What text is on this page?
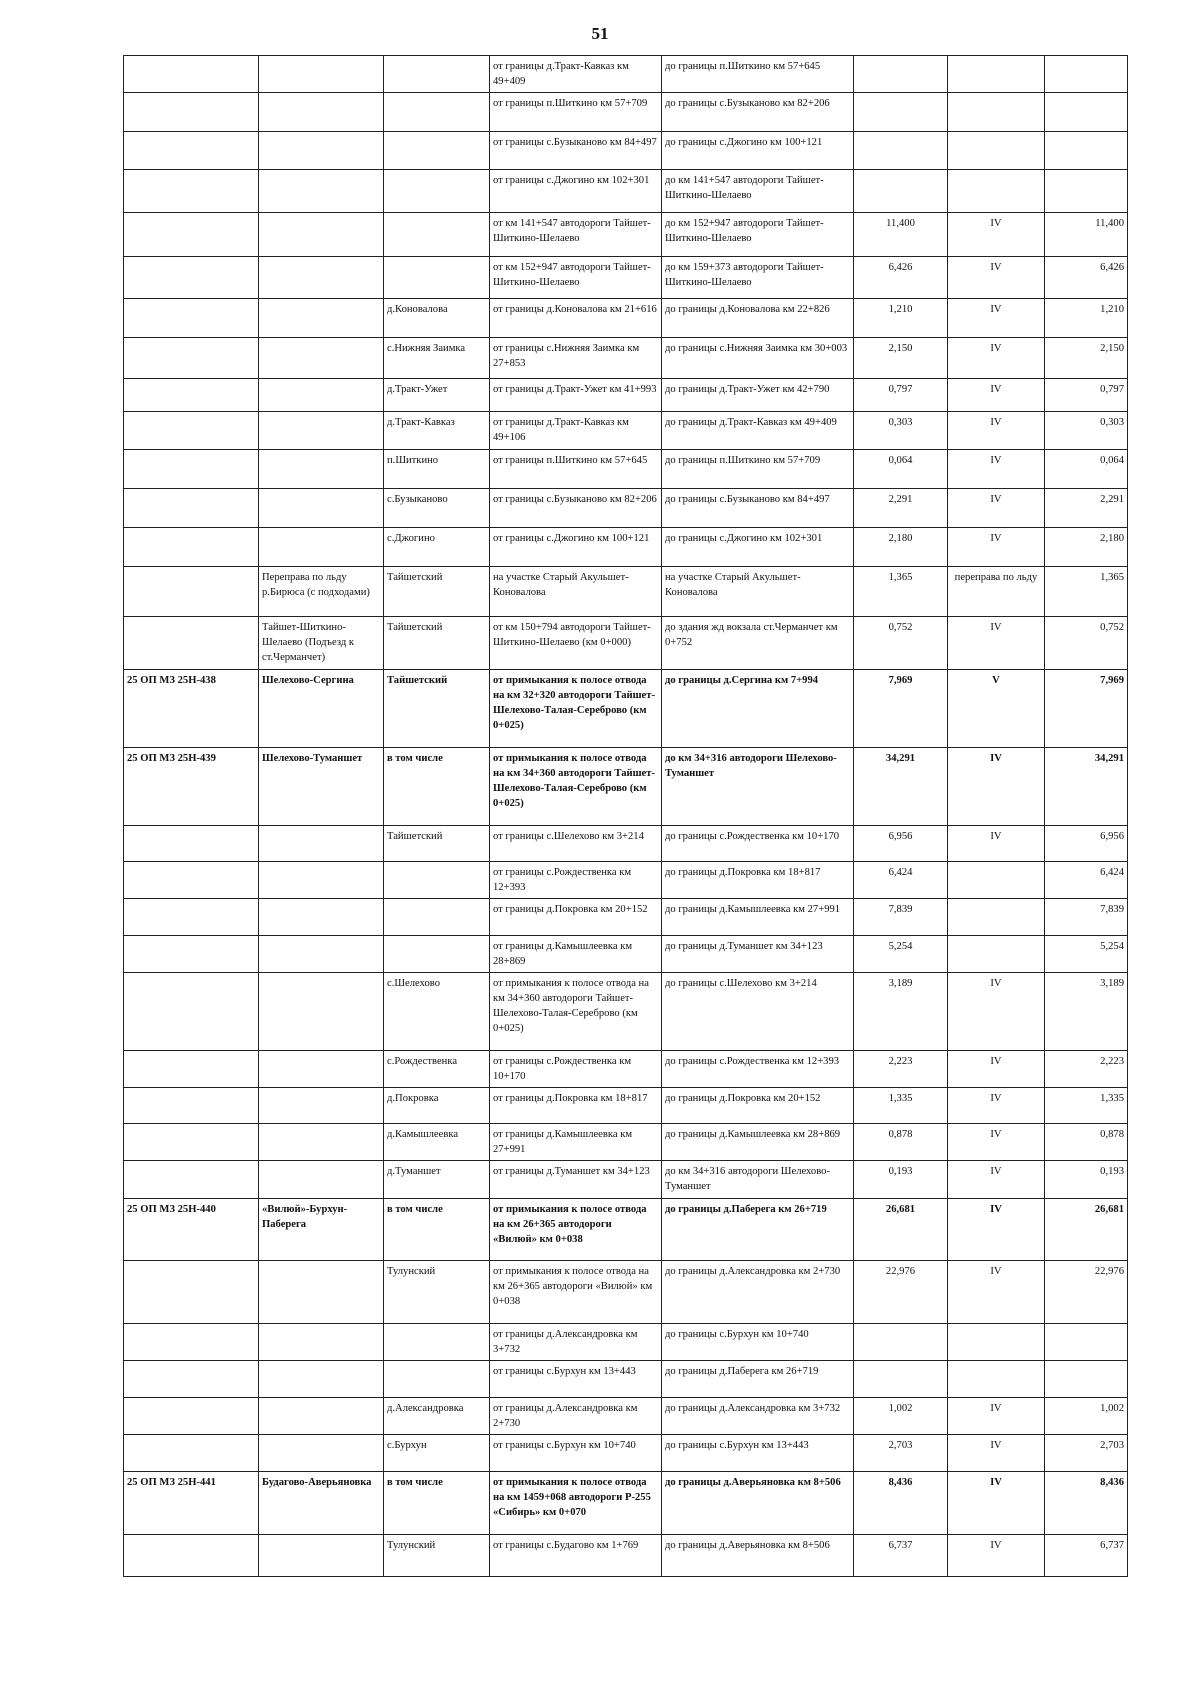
51
			от границы д.Тракт-Кавказ км 49+409	до границы п.Шиткино км 57+645			
			от границы п.Шиткино км 57+709	до границы с.Бузыканово км 82+206			
			от границы с.Бузыканово км 84+497	до границы с.Джогино км 100+121			
			от границы с.Джогино км 102+301	до км 141+547 автодороги Тайшет-Шиткино-Шелаево			
			от км 141+547 автодороги Тайшет-Шиткино-Шелаево	до км 152+947 автодороги Тайшет-Шиткино-Шелаево	11,400	IV	11,400
			от км 152+947 автодороги Тайшет-Шиткино-Шелаево	до км 159+373 автодороги Тайшет-Шиткино-Шелаево	6,426	IV	6,426
		д.Коновалова	от границы д.Коновалова км 21+616	до границы д.Коновалова км 22+826	1,210	IV	1,210
		с.Нижняя Заимка	от границы с.Нижняя Заимка км 27+853	до границы с.Нижняя Заимка км 30+003	2,150	IV	2,150
		д.Тракт-Ужет	от границы д.Тракт-Ужет км 41+993	до границы д.Тракт-Ужет км 42+790	0,797	IV	0,797
		д.Тракт-Кавказ	от границы д.Тракт-Кавказ км 49+106	до границы д.Тракт-Кавказ км 49+409	0,303	IV	0,303
		п.Шиткино	от границы п.Шиткино км 57+645	до границы п.Шиткино км 57+709	0,064	IV	0,064
		с.Бузыканово	от границы с.Бузыканово км 82+206	до границы с.Бузыканово км 84+497	2,291	IV	2,291
		с.Джогино	от границы с.Джогино км 100+121	до границы с.Джогино км 102+301	2,180	IV	2,180
	Переправа по льду р.Бирюса (с подходами)	Тайшетский	на участке Старый Акульшет-Коновалова	на участке Старый Акульшет-Коновалова	1,365	переправа по льду	1,365
	Тайшет-Шиткино-Шелаево (Подъезд к ст.Черманчет)	Тайшетский	от км 150+794 автодороги Тайшет-Шиткино-Шелаево (км 0+000)	до здания жд вокзала ст.Черманчет км 0+752	0,752	IV	0,752
25 ОП МЗ 25Н-438	Шелехово-Сергина	Тайшетский	от примыкания к полосе отвода на км 32+320 автодороги Тайшет-Шелехово-Талая-Сереброво (км 0+025)	до границы д.Сергина км 7+994	7,969	V	7,969
25 ОП МЗ 25Н-439	Шелехово-Туманшет	в том числе	от примыкания к полосе отвода на км 34+360 автодороги Тайшет-Шелехово-Талая-Сереброво (км 0+025)	до км 34+316 автодороги Шелехово-Туманшет	34,291	IV	34,291
		Тайшетский	от границы с.Шелехово км 3+214	до границы с.Рождественка км 10+170	6,956	IV	6,956
			от границы с.Рождественка км 12+393	до границы д.Покровка км 18+817	6,424		6,424
			от границы д.Покровка км 20+152	до границы д.Камышлеевка км 27+991	7,839		7,839
			от границы д.Камышлеевка км 28+869	до границы д.Туманшет км 34+123	5,254		5,254
		с.Шелехово	от примыкания к полосе отвода на км 34+360 автодороги Тайшет-Шелехово-Талая-Сереброво (км 0+025)	до границы с.Шелехово км 3+214	3,189	IV	3,189
		с.Рождественка	от границы с.Рождественка км 10+170	до границы с.Рождественка км 12+393	2,223	IV	2,223
		д.Покровка	от границы д.Покровка км 18+817	до границы д.Покровка км 20+152	1,335	IV	1,335
		д.Камышлеевка	от границы д.Камышлеевка км 27+991	до границы д.Камышлеевка км 28+869	0,878	IV	0,878
		д.Туманшет	от границы д.Туманшет км 34+123	до км 34+316 автодороги Шелехово-Туманшет	0,193	IV	0,193
25 ОП МЗ 25Н-440	«Вилюй»-Бурхун-Паберега	в том числе	от примыкания к полосе отвода на км 26+365 автодороги «Вилюй» км 0+038	до границы д.Паберега км 26+719	26,681	IV	26,681
		Тулунский	от примыкания к полосе отвода на км 26+365 автодороги «Вилюй» км 0+038	до границы д.Александровка км 2+730	22,976	IV	22,976
			от границы д.Александровка км 3+732	до границы с.Бурхун км 10+740			
			от границы с.Бурхун км 13+443	до границы д.Паберега км 26+719			
		д.Александровка	от границы д.Александровка км 2+730	до границы д.Александровка км 3+732	1,002	IV	1,002
		с.Бурхун	от границы с.Бурхун км 10+740	до границы с.Бурхун км 13+443	2,703	IV	2,703
25 ОП МЗ 25Н-441	Будагово-Аверьяновка	в том числе	от примыкания к полосе отвода на км 1459+068 автодороги Р-255 «Сибирь» км 0+070	до границы д.Аверьяновка км 8+506	8,436	IV	8,436
		Тулунский	от границы с.Будагово км 1+769	до границы д.Аверьяновка км 8+506	6,737	IV	6,737
